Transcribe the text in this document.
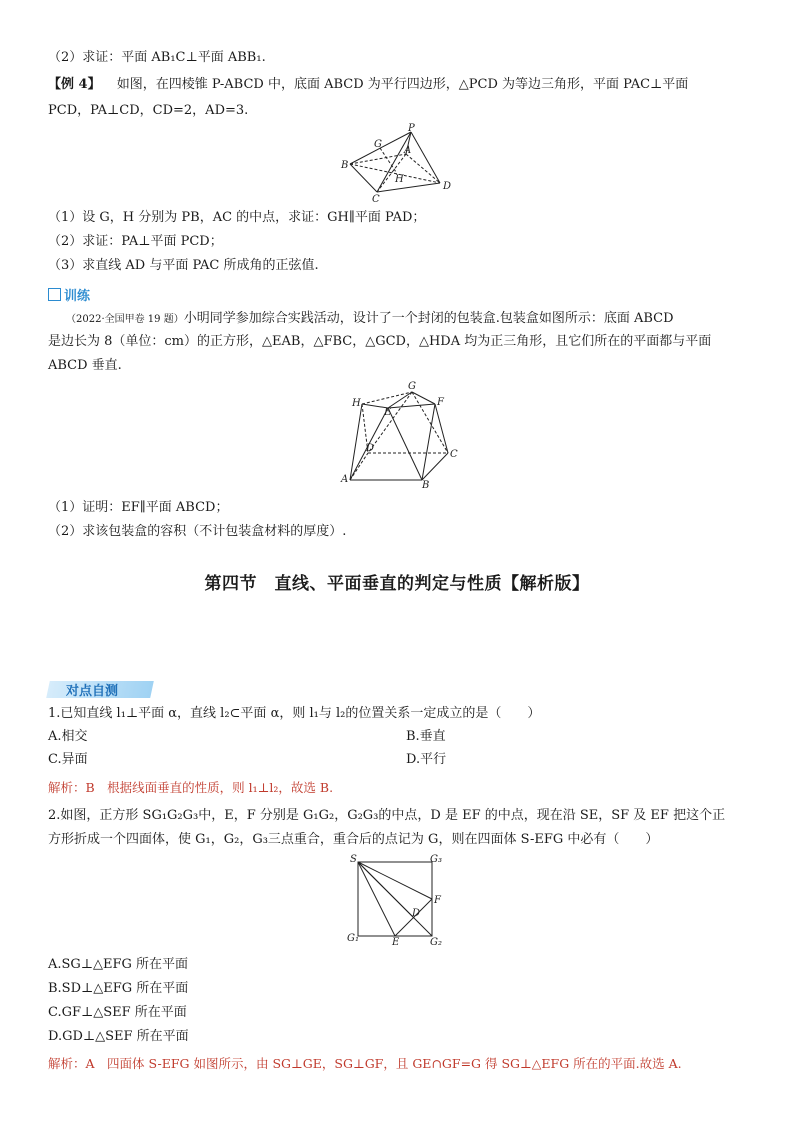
（2）求证：平面 AB₁C⊥平面 ABB₁.
【例 4】 如图，在四棱锥 P-ABCD 中，底面 ABCD 为平行四边形，△PCD 为等边三角形，平面 PAC⊥平面
PCD，PA⊥CD，CD=2，AD=3.
P
G
A
B
H
D
C
（1）设 G，H 分别为 PB，AC 的中点，求证：GH∥平面 PAD；
（2）求证：PA⊥平面 PCD；
（3）求直线 AD 与平面 PAC 所成角的正弦值.
训练
（2022·全国甲卷 19 题）小明同学参加综合实践活动，设计了一个封闭的包装盒.包装盒如图所示：底面 ABCD
是边长为 8（单位：cm）的正方形，△EAB，△FBC，△GCD，△HDA 均为正三角形，且它们所在的平面都与平面
ABCD 垂直.
G
H
E
F
D
C
A
B
（1）证明：EF∥平面 ABCD；
（2）求该包装盒的容积（不计包装盒材料的厚度）.
第四节　直线、平面垂直的判定与性质【解析版】
对点自测
1.已知直线 l₁⊥平面 α，直线 l₂⊂平面 α，则 l₁与 l₂的位置关系一定成立的是（　　）
A.相交	B.垂直
C.异面	D.平行
解析：B　根据线面垂直的性质，则 l₁⊥l₂，故选 B.
2.如图，正方形 SG₁G₂G₃中，E，F 分别是 G₁G₂，G₂G₃的中点，D 是 EF 的中点，现在沿 SE，SF 及 EF 把这个正
方形折成一个四面体，使 G₁，G₂，G₃三点重合，重合后的点记为 G，则在四面体 S-EFG 中必有（　　）
S	G₃
F
D
G₁	E	G₂
A.SG⊥△EFG 所在平面
B.SD⊥△EFG 所在平面
C.GF⊥△SEF 所在平面
D.GD⊥△SEF 所在平面
解析：A　四面体 S-EFG 如图所示，由 SG⊥GE，SG⊥GF，且 GE∩GF=G 得 SG⊥△EFG 所在的平面.故选 A.
